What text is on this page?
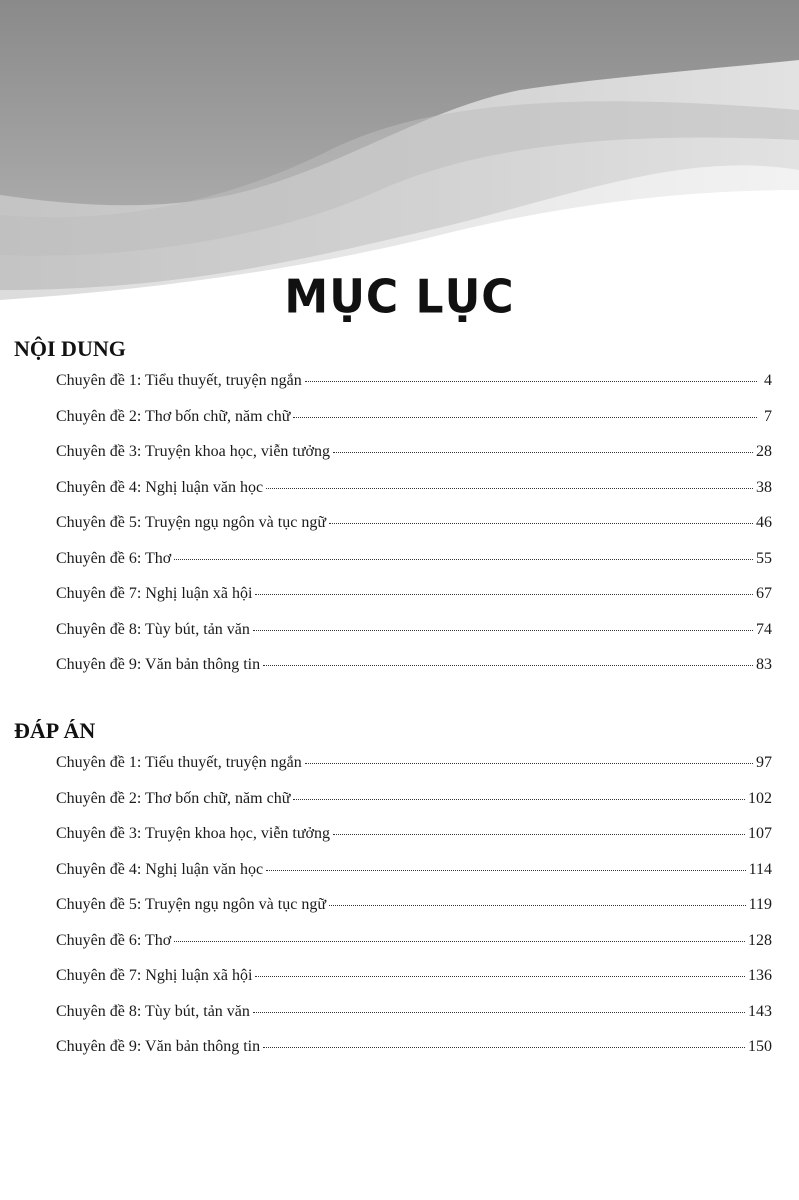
MỤC LỤC
NỘI DUNG
Chuyên đề 1: Tiểu thuyết, truyện ngắn	4
Chuyên đề 2: Thơ bốn chữ, năm chữ	7
Chuyên đề 3: Truyện khoa học, viễn tưởng	28
Chuyên đề 4: Nghị luận văn học	38
Chuyên đề 5: Truyện ngụ ngôn và tục ngữ	46
Chuyên đề 6: Thơ	55
Chuyên đề 7: Nghị luận xã hội	67
Chuyên đề 8: Tùy bút, tản văn	74
Chuyên đề 9: Văn bản thông tin	83
ĐÁP ÁN
Chuyên đề 1: Tiểu thuyết, truyện ngắn	97
Chuyên đề 2: Thơ bốn chữ, năm chữ	102
Chuyên đề 3: Truyện khoa học, viễn tưởng	107
Chuyên đề 4: Nghị luận văn học	114
Chuyên đề 5: Truyện ngụ ngôn và tục ngữ	119
Chuyên đề 6: Thơ	128
Chuyên đề 7: Nghị luận xã hội	136
Chuyên đề 8: Tùy bút, tản văn	143
Chuyên đề 9: Văn bản thông tin	150
